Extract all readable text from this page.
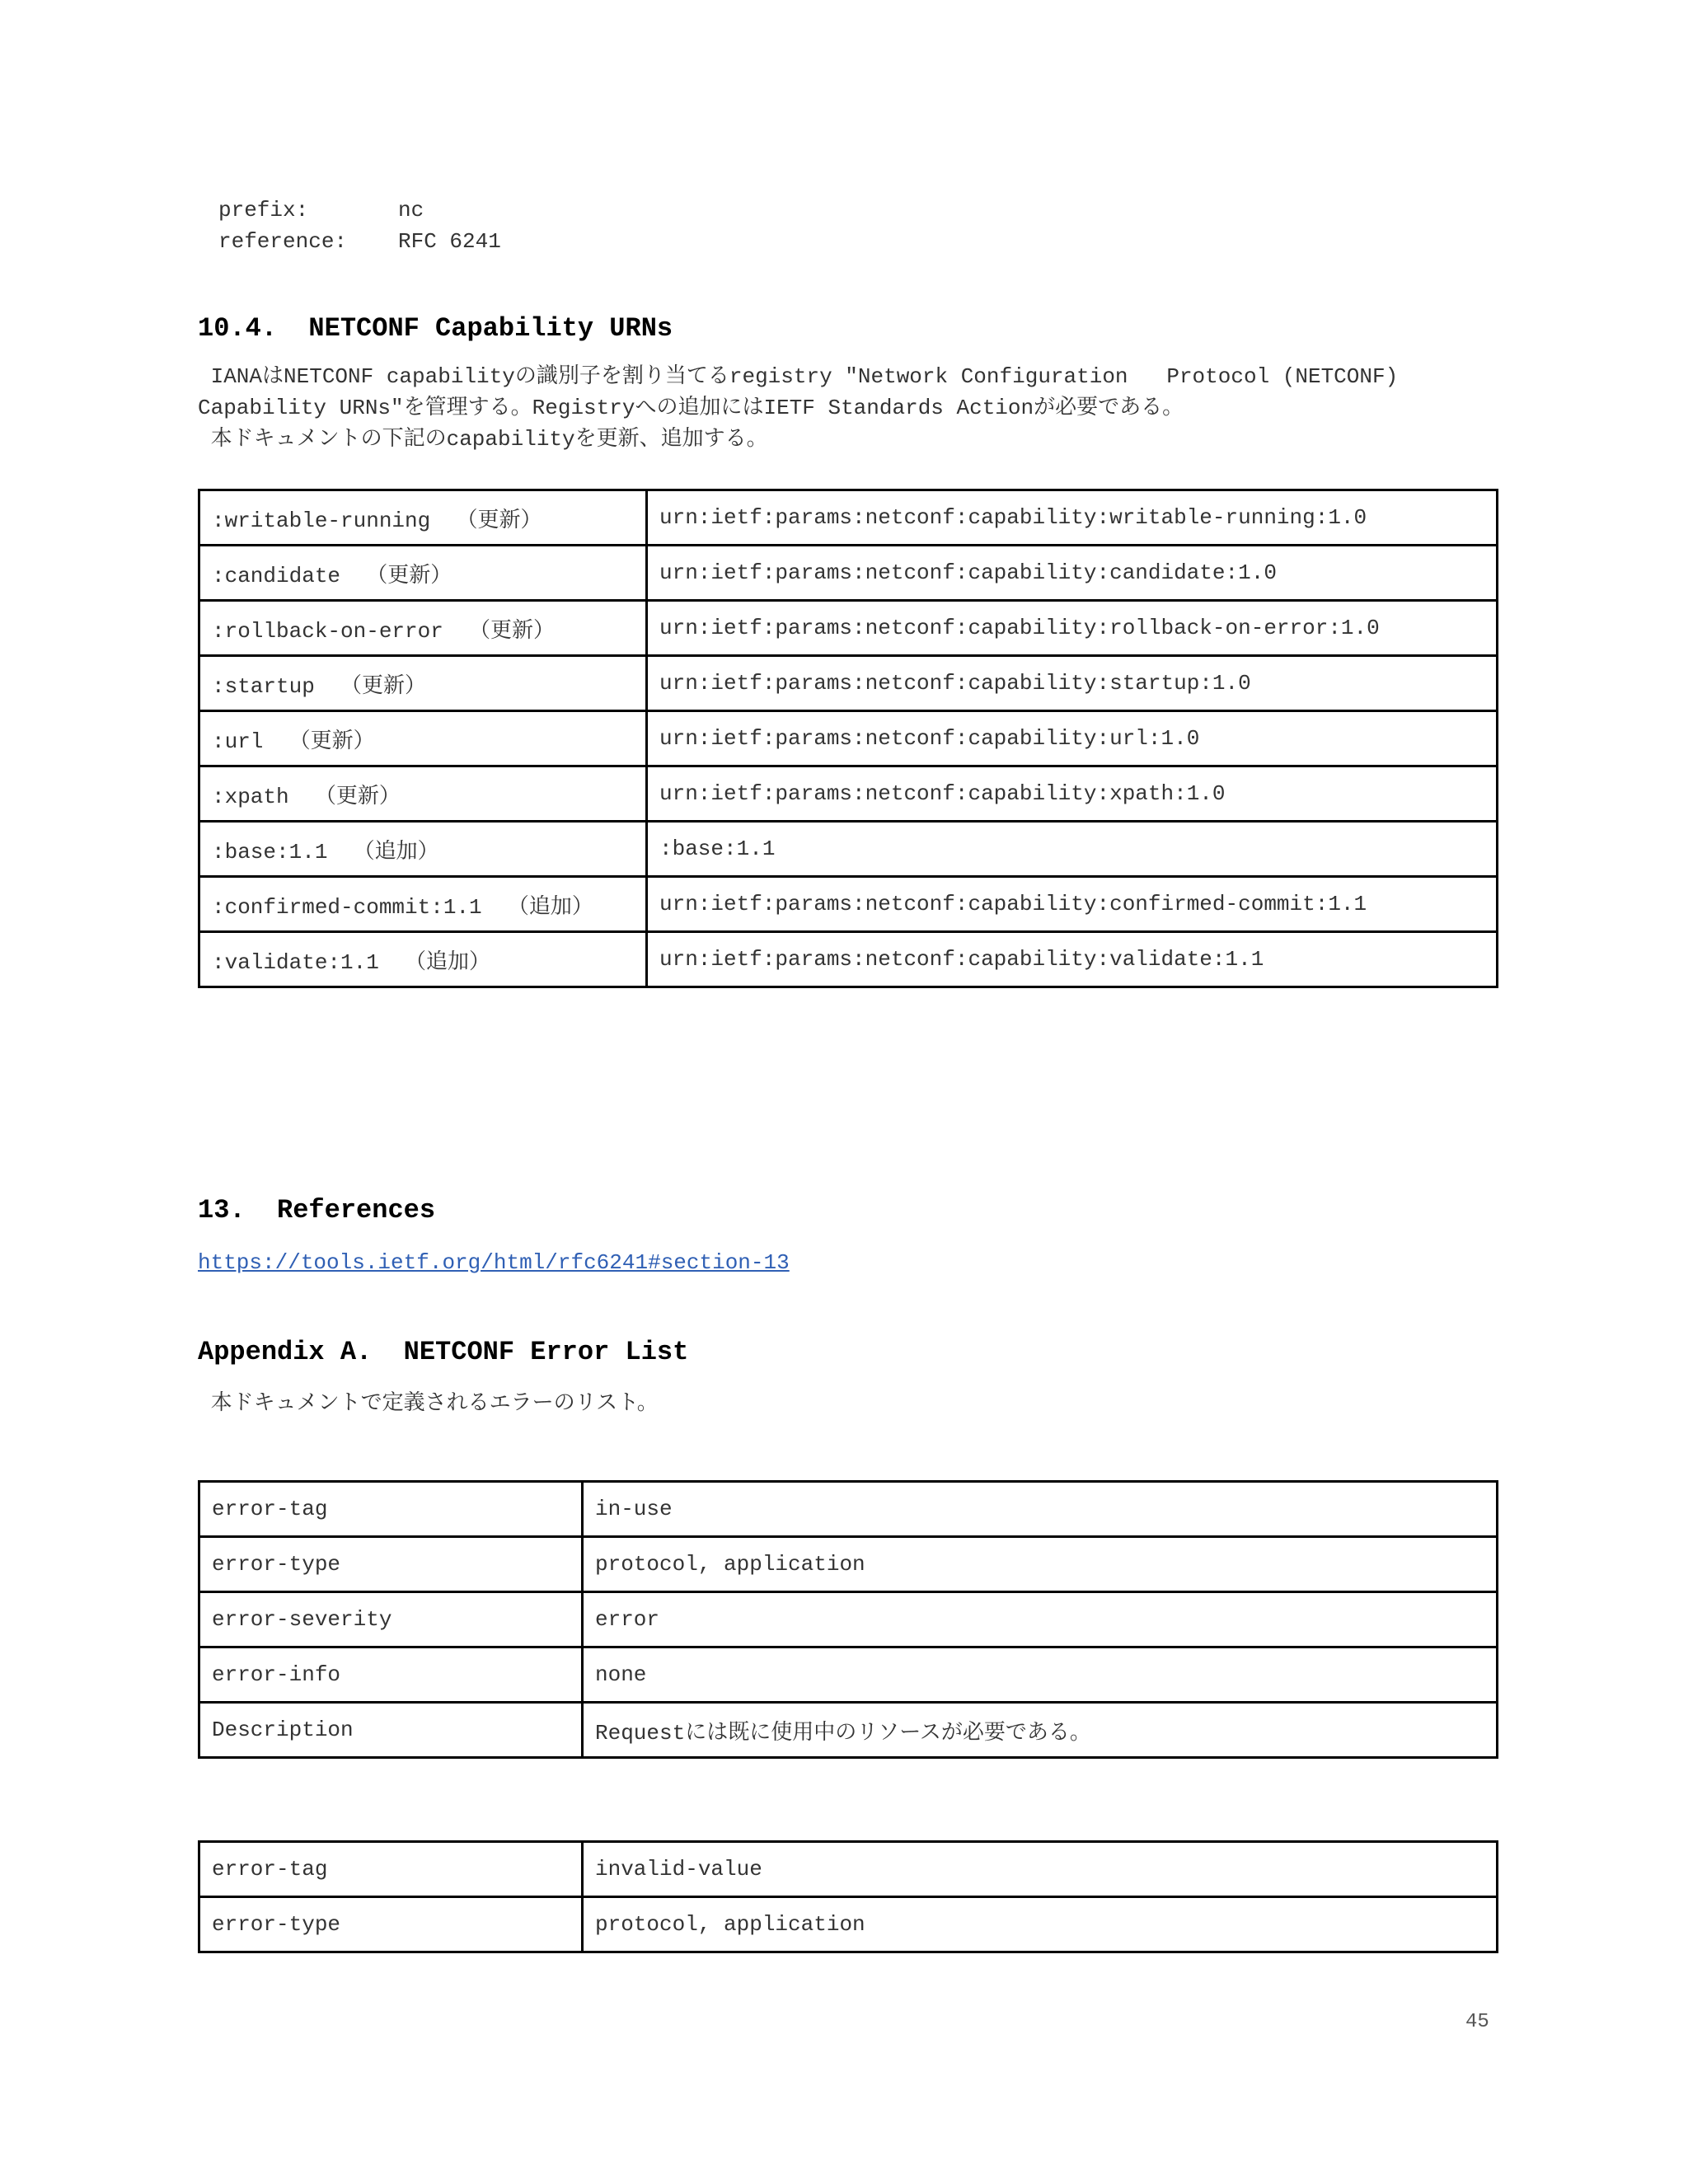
prefix:	nc
reference: RFC 6241
10.4.  NETCONF Capability URNs
IANAはNETCONF capabilityの識別子を割り当てるregistry "Network Configuration   Protocol (NETCONF)
Capability URNs"を管理する。Registryへの追加にはIETF Standards Actionが必要である。
本ドキュメントの下記のcapabilityを更新、追加する。
:writable-running  （更新）	urn:ietf:params:netconf:capability:writable-running:1.0
:candidate  （更新）	urn:ietf:params:netconf:capability:candidate:1.0
:rollback-on-error  （更新）	urn:ietf:params:netconf:capability:rollback-on-error:1.0
:startup  （更新）	urn:ietf:params:netconf:capability:startup:1.0
:url  （更新）	urn:ietf:params:netconf:capability:url:1.0
:xpath  （更新）	urn:ietf:params:netconf:capability:xpath:1.0
:base:1.1  （追加）	:base:1.1
:confirmed-commit:1.1  （追加）	urn:ietf:params:netconf:capability:confirmed-commit:1.1
:validate:1.1  （追加）	urn:ietf:params:netconf:capability:validate:1.1
13.  References
https://tools.ietf.org/html/rfc6241#section-13
Appendix A.  NETCONF Error List
本ドキュメントで定義されるエラーのリスト。
error-tag	in-use
error-type	protocol, application
error-severity	error
error-info	none
Description	Requestには既に使用中のリソースが必要である。
error-tag	invalid-value
error-type	protocol, application
45
